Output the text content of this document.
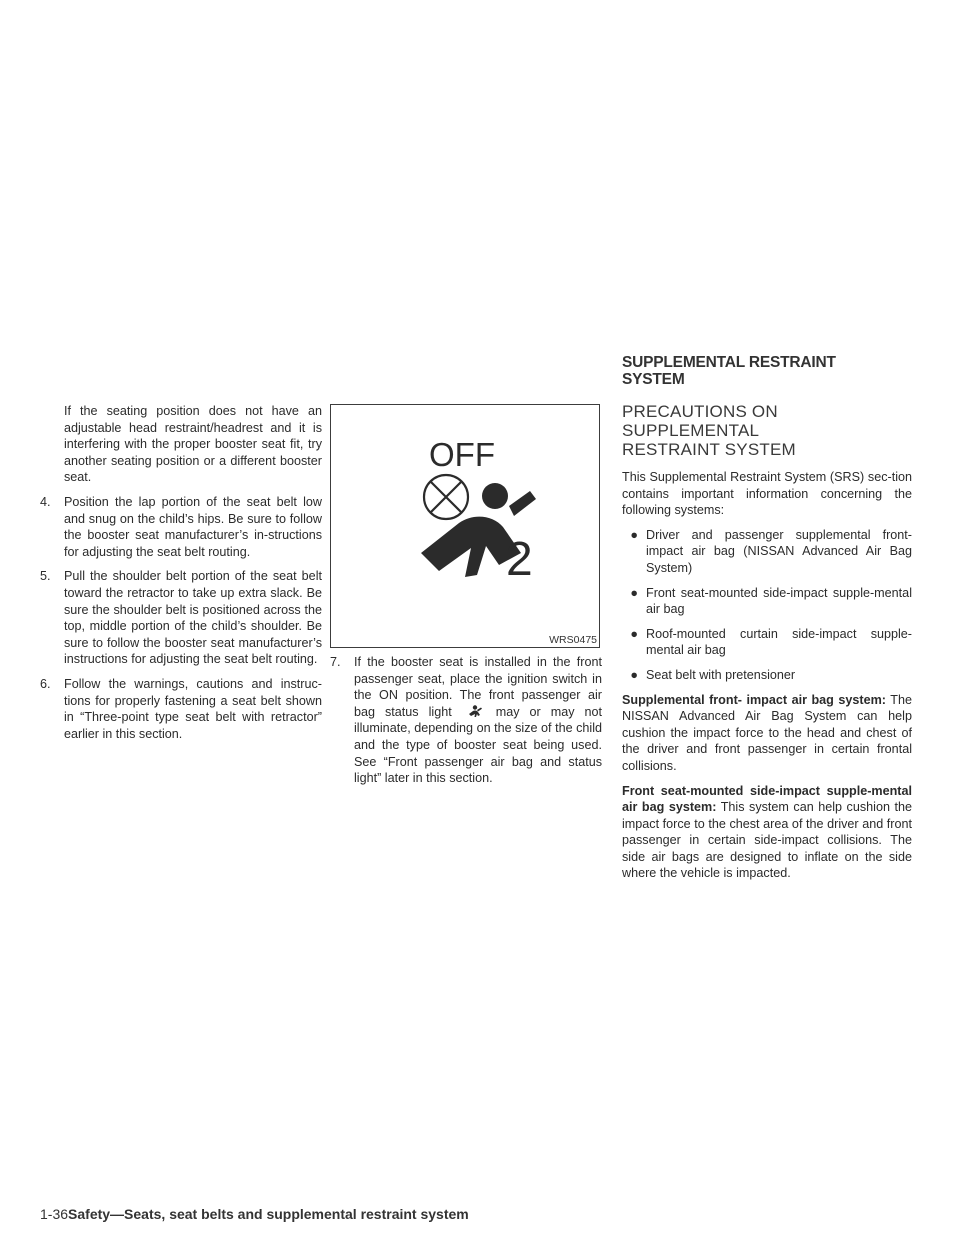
If the seating position does not have an adjustable head restraint/headrest and it is interfering with the proper booster seat fit, try another seating position or a different booster seat.

4.	Position the lap portion of the seat belt low and snug on the child’s hips. Be sure to follow the booster seat manufacturer’s in-structions for adjusting the seat belt routing.
5.	Pull the shoulder belt portion of the seat belt toward the retractor to take up extra slack. Be sure the shoulder belt is positioned across the top, middle portion of the child’s shoulder. Be sure to follow the booster seat manufacturer’s instructions for adjusting the seat belt routing.
6.	Follow the warnings, cautions and instruc-tions for properly fastening a seat belt shown in “Three-point type seat belt with retractor” earlier in this section.
OFF
2
WRS0475
7.	If the booster seat is installed in the front passenger seat, place the ignition switch in the ON position. The front passenger air bag status light	may or may not illuminate, depending on the size of the child and the type of booster seat being used. See “Front passenger air bag and status light” later in this section.
SUPPLEMENTAL RESTRAINT
SYSTEM
PRECAUTIONS ON SUPPLEMENTAL
RESTRAINT SYSTEM

This Supplemental Restraint System (SRS) sec-tion contains important information concerning the following systems:

● Driver and passenger supplemental front-impact air bag (NISSAN Advanced Air Bag System)
● Front seat-mounted side-impact supple-mental air bag
● Roof-mounted curtain side-impact supple-mental air bag
● Seat belt with pretensioner

Supplemental front- impact air bag system: The NISSAN Advanced Air Bag System can help cushion the impact force to the head and chest of the driver and front passenger in certain frontal collisions.

Front seat-mounted side-impact supple-mental air bag system: This system can help cushion the impact force to the chest area of the driver and front passenger in certain side-impact collisions. The side air bags are designed to inflate on the side where the vehicle is impacted.

1-36Safety—Seats, seat belts and supplemental restraint system
